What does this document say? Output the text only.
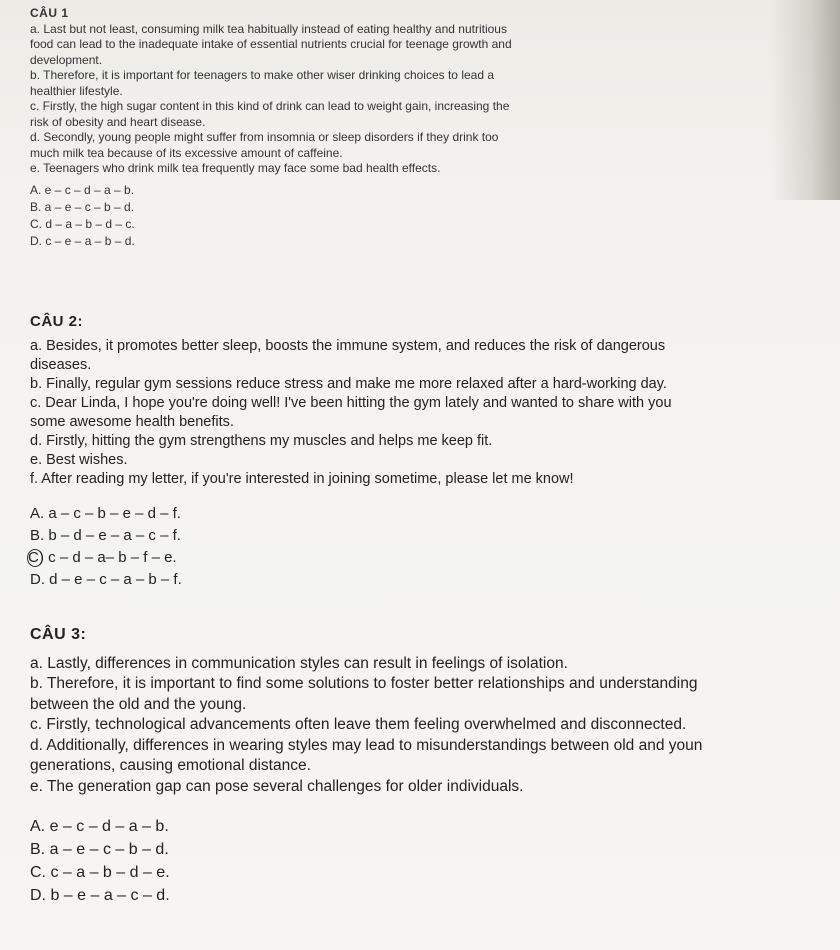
CÂU 1
a. Last but not least, consuming milk tea habitually instead of eating healthy and nutritious
food can lead to the inadequate intake of essential nutrients crucial for teenage growth and
development.
b. Therefore, it is important for teenagers to make other wiser drinking choices to lead a
healthier lifestyle.
c. Firstly, the high sugar content in this kind of drink can lead to weight gain, increasing the
risk of obesity and heart disease.
d. Secondly, young people might suffer from insomnia or sleep disorders if they drink too
much milk tea because of its excessive amount of caffeine.
e. Teenagers who drink milk tea frequently may face some bad health effects.
A. e – c – d – a – b.
B. a – e – c – b – d.
C. d – a – b – d – c.
D. c – e – a – b – d.
CÂU 2:
a. Besides, it promotes better sleep, boosts the immune system, and reduces the risk of dangerous
diseases.
b. Finally, regular gym sessions reduce stress and make me more relaxed after a hard-working day.
c. Dear Linda, I hope you're doing well! I've been hitting the gym lately and wanted to share with you
some awesome health benefits.
d. Firstly, hitting the gym strengthens my muscles and helps me keep fit.
e. Best wishes.
f. After reading my letter, if you're interested in joining sometime, please let me know!
A. a – c – b – e – d – f.
B. b – d – e – a – c – f.
C) c – d – a– b – f – e.
D. d – e – c – a – b – f.
CÂU 3:
a. Lastly, differences in communication styles can result in feelings of isolation.
b. Therefore, it is important to find some solutions to foster better relationships and understanding
between the old and the young.
c. Firstly, technological advancements often leave them feeling overwhelmed and disconnected.
d. Additionally, differences in wearing styles may lead to misunderstandings between old and youn
generations, causing emotional distance.
e. The generation gap can pose several challenges for older individuals.
A. e – c – d – a – b.
B. a – e – c – b – d.
C. c – a – b – d – e.
D. b – e – a – c – d.
